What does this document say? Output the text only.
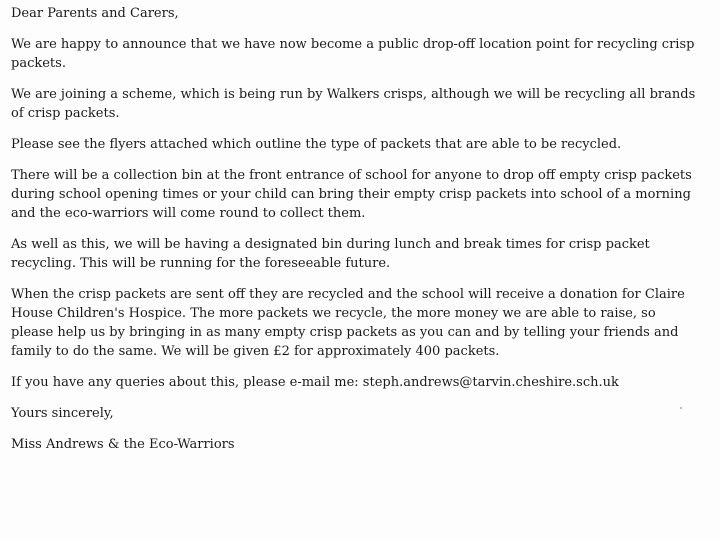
Dear Parents and Carers,

We are happy to announce that we have now become a public drop-off location point for recycling crisp packets.

We are joining a scheme, which is being run by Walkers crisps, although we will be recycling all brands of crisp packets.

Please see the flyers attached which outline the type of packets that are able to be recycled.

There will be a collection bin at the front entrance of school for anyone to drop off empty crisp packets during school opening times or your child can bring their empty crisp packets into school of a morning and the eco-warriors will come round to collect them.

As well as this, we will be having a designated bin during lunch and break times for crisp packet recycling. This will be running for the foreseeable future.

When the crisp packets are sent off they are recycled and the school will receive a donation for Claire House Children's Hospice. The more packets we recycle, the more money we are able to raise, so please help us by bringing in as many empty crisp packets as you can and by telling your friends and family to do the same. We will be given £2 for approximately 400 packets.

If you have any queries about this, please e-mail me: steph.andrews@tarvin.cheshire.sch.uk

Yours sincerely,

Miss Andrews & the Eco-Warriors
